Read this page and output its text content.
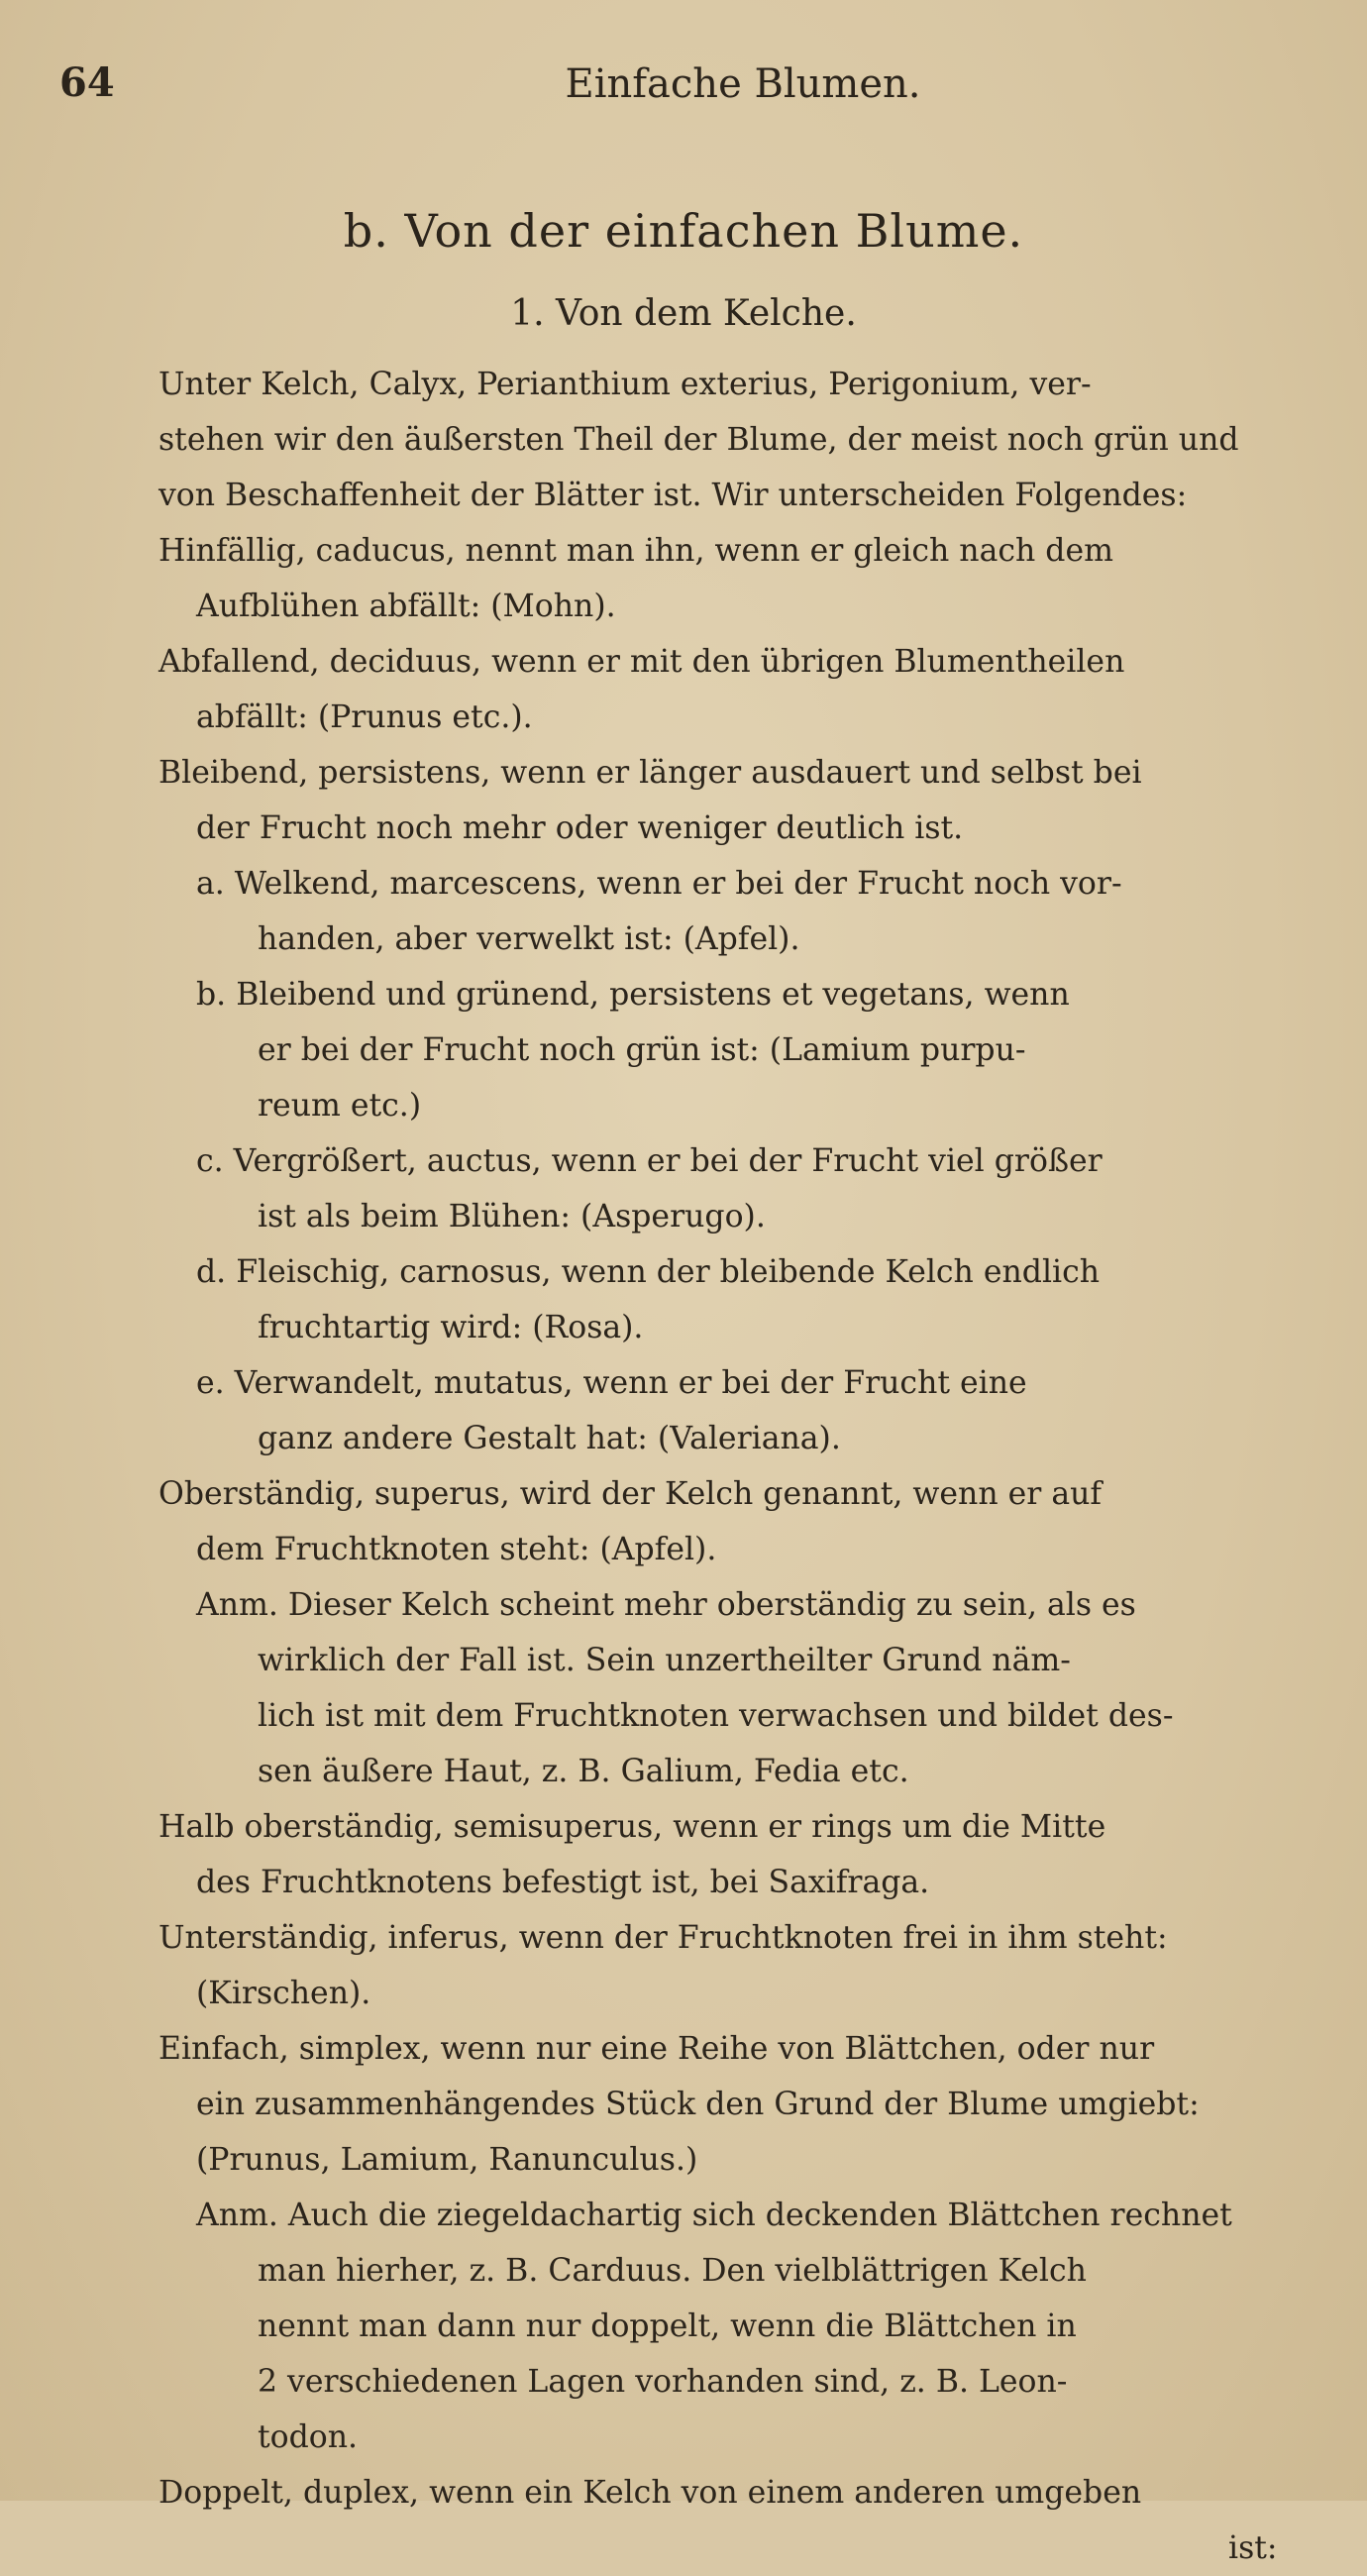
64	Einfache Blumen.
b. Von der einfachen Blume.
1. Von dem Kelche.
Unter Kelch, Calyx, Perianthium exterius, Perigonium, ver-
stehen wir den äußersten Theil der Blume, der meist noch grün und
von Beschaffenheit der Blätter ist. Wir unterscheiden Folgendes:
Hinfällig, caducus, nennt man ihn, wenn er gleich nach dem
Aufblühen abfällt: (Mohn).
Abfallend, deciduus, wenn er mit den übrigen Blumentheilen
abfällt: (Prunus etc.).
Bleibend, persistens, wenn er länger ausdauert und selbst bei
der Frucht noch mehr oder weniger deutlich ist.
a. Welkend, marcescens, wenn er bei der Frucht noch vor-
handen, aber verwelkt ist: (Apfel).
b. Bleibend und grünend, persistens et vegetans, wenn
er bei der Frucht noch grün ist: (Lamium purpu-
reum etc.)
c. Vergrößert, auctus, wenn er bei der Frucht viel größer
ist als beim Blühen: (Asperugo).
d. Fleischig, carnosus, wenn der bleibende Kelch endlich
fruchtartig wird: (Rosa).
e. Verwandelt, mutatus, wenn er bei der Frucht eine
ganz andere Gestalt hat: (Valeriana).
Oberständig, superus, wird der Kelch genannt, wenn er auf
dem Fruchtknoten steht: (Apfel).
Anm. Dieser Kelch scheint mehr oberständig zu sein, als es
wirklich der Fall ist. Sein unzertheilter Grund näm-
lich ist mit dem Fruchtknoten verwachsen und bildet des-
sen äußere Haut, z. B. Galium, Fedia etc.
Halb oberständig, semisuperus, wenn er rings um die Mitte
des Fruchtknotens befestigt ist, bei Saxifraga.
Unterständig, inferus, wenn der Fruchtknoten frei in ihm steht:
(Kirschen).
Einfach, simplex, wenn nur eine Reihe von Blättchen, oder nur
ein zusammenhängendes Stück den Grund der Blume umgiebt:
(Prunus, Lamium, Ranunculus.)
Anm. Auch die ziegeldachartig sich deckenden Blättchen rechnet
man hierher, z. B. Carduus. Den vielblättrigen Kelch
nennt man dann nur doppelt, wenn die Blättchen in
2 verschiedenen Lagen vorhanden sind, z. B. Leon-
todon.
Doppelt, duplex, wenn ein Kelch von einem anderen umgeben
ist:
